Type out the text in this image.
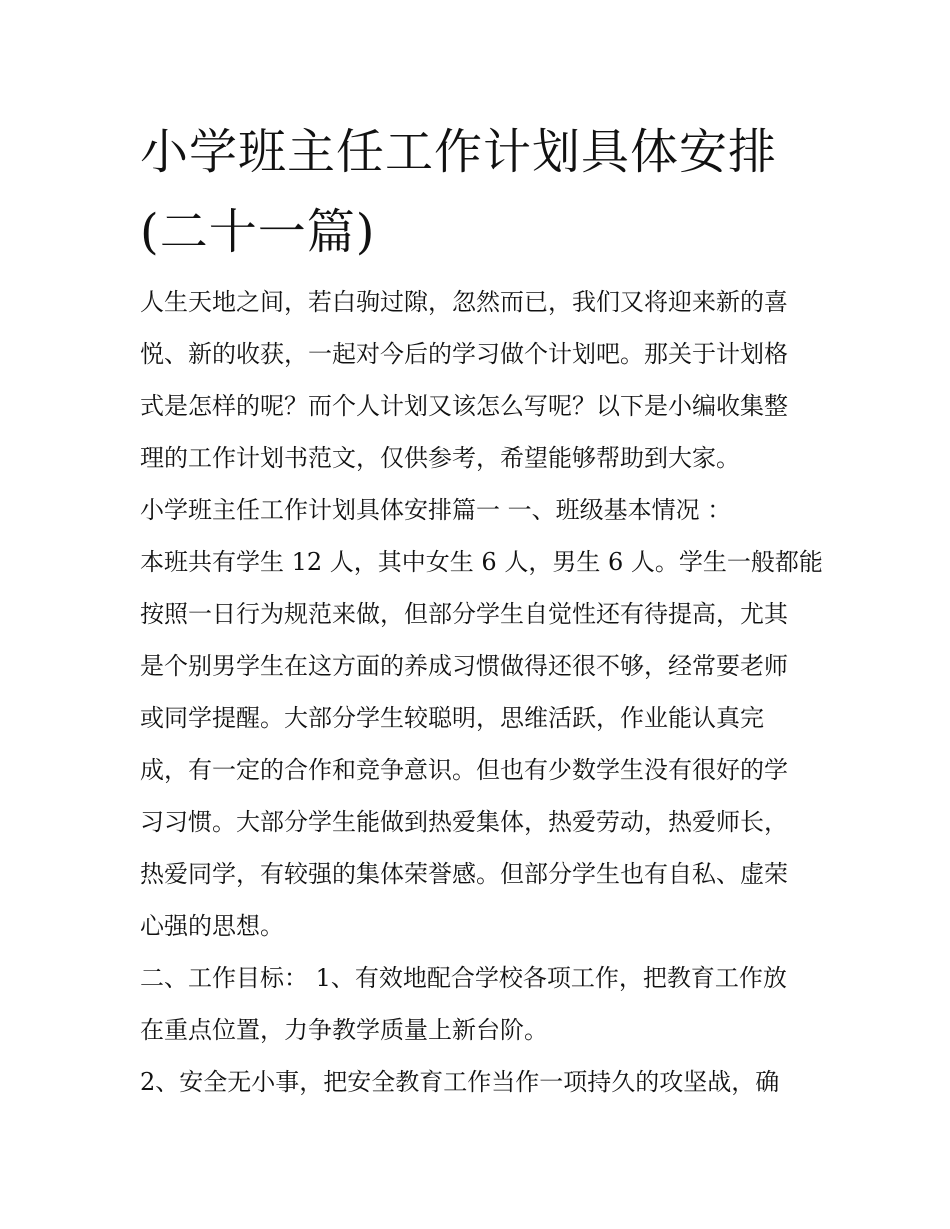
小学班主任工作计划具体安排
(二十一篇)
人生天地之间，若白驹过隙，忽然而已，我们又将迎来新的喜
悦、新的收获，一起对今后的学习做个计划吧。那关于计划格
式是怎样的呢？而个人计划又该怎么写呢？以下是小编收集整
理的工作计划书范文，仅供参考，希望能够帮助到大家。
小学班主任工作计划具体安排篇一 一、班级基本情况 ：
本班共有学生 12 人，其中女生 6 人，男生 6 人。学生一般都能
按照一日行为规范来做，但部分学生自觉性还有待提高，尤其
是个别男学生在这方面的养成习惯做得还很不够，经常要老师
或同学提醒。大部分学生较聪明，思维活跃，作业能认真完
成，有一定的合作和竞争意识。但也有少数学生没有很好的学
习习惯。大部分学生能做到热爱集体，热爱劳动，热爱师长，
热爱同学，有较强的集体荣誉感。但部分学生也有自私、虚荣
心强的思想。
二、工作目标： 1、有效地配合学校各项工作，把教育工作放
在重点位置，力争教学质量上新台阶。
2、安全无小事，把安全教育工作当作一项持久的攻坚战，确
